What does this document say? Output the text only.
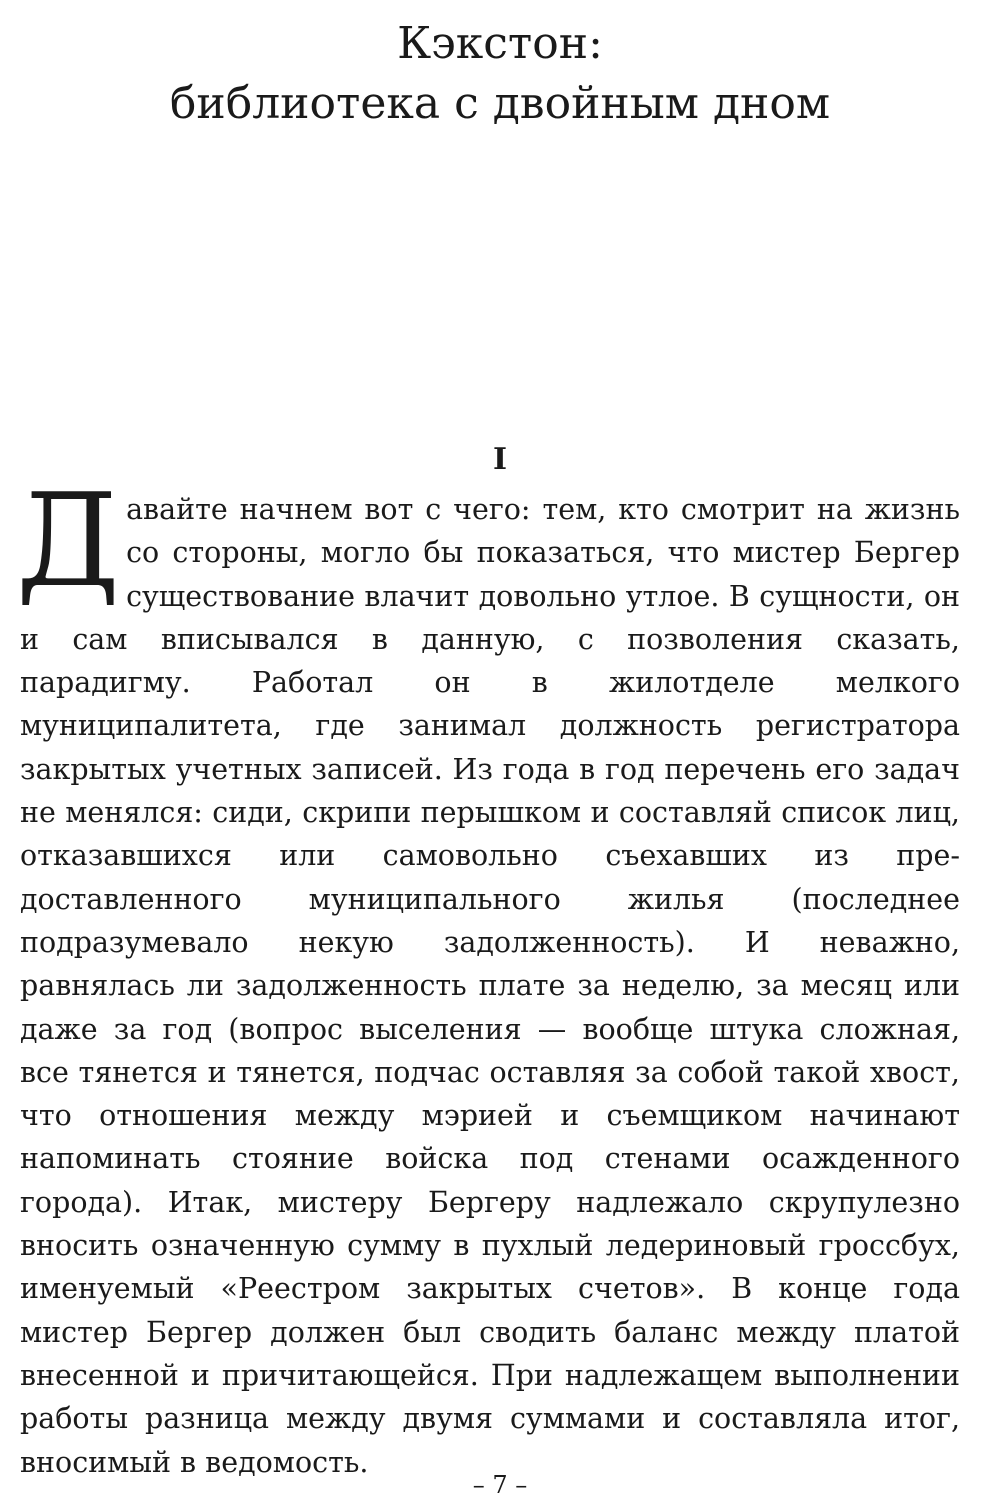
Кэкстон:
библиотека с двойным дном
I

Давайте начнем вот с чего: тем, кто смотрит на жизнь со стороны, могло бы показаться, что мистер Бергер существование влачит довольно утлое. В сущности, он и сам вписывался в данную, с позволения сказать, парадигму. Работал он в жилотделе мелкого муниципалитета, где занимал должность регистратора закрытых учетных записей. Из года в год перечень его задач не менялся: сиди, скрипи перышком и составляй список лиц, отказавшихся или самовольно съехавших из предоставленного муниципального жилья (последнее подразумевало некую задолженность). И неважно, равнялась ли задолженность плате за неделю, за месяц или даже за год (вопрос выселения — вообще штука сложная, все тянется и тянется, подчас оставляя за собой такой хвост, что отношения между мэрией и съемщиком начинают напоминать стояние войска под стенами осажденного города). Итак, мистеру Бергеру надлежало скрупулезно вносить означенную сумму в пухлый ледериновый гроссбух, именуемый «Реестром закрытых счетов». В конце года мистер Бергер должен был сводить баланс между платой внесенной и причитающейся. При надлежащем выполнении работы разница между двумя суммами и составляла итог, вносимый в ведомость.

– 7 –
